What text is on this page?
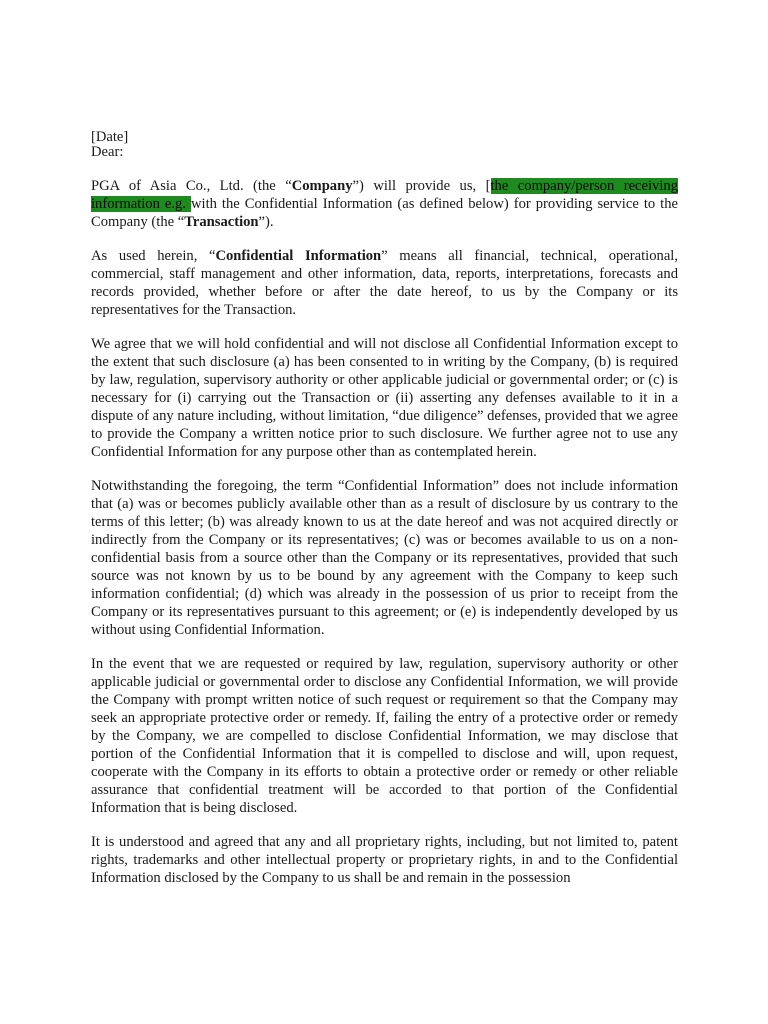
[Date]

Dear:

PGA of Asia Co., Ltd. (the “Company”) will provide us, [the company/person receiving information e.g. with the Confidential Information (as defined below) for providing service to the Company (the “Transaction”).

As used herein, “Confidential Information” means all financial, technical, operational, commercial, staff management and other information, data, reports, interpretations, forecasts and records provided, whether before or after the date hereof, to us by the Company or its representatives for the Transaction.

We agree that we will hold confidential and will not disclose all Confidential Information except to the extent that such disclosure (a) has been consented to in writing by the Company, (b) is required by law, regulation, supervisory authority or other applicable judicial or governmental order; or (c) is necessary for (i) carrying out the Transaction or (ii) asserting any defenses available to it in a dispute of any nature including, without limitation, “due diligence” defenses, provided that we agree to provide the Company a written notice prior to such disclosure. We further agree not to use any Confidential Information for any purpose other than as contemplated herein.

Notwithstanding the foregoing, the term “Confidential Information” does not include information that (a) was or becomes publicly available other than as a result of disclosure by us contrary to the terms of this letter; (b) was already known to us at the date hereof and was not acquired directly or indirectly from the Company or its representatives; (c) was or becomes available to us on a non-confidential basis from a source other than the Company or its representatives, provided that such source was not known by us to be bound by any agreement with the Company to keep such information confidential; (d) which was already in the possession of us prior to receipt from the Company or its representatives pursuant to this agreement; or (e) is independently developed by us without using Confidential Information.

In the event that we are requested or required by law, regulation, supervisory authority or other applicable judicial or governmental order to disclose any Confidential Information, we will provide the Company with prompt written notice of such request or requirement so that the Company may seek an appropriate protective order or remedy. If, failing the entry of a protective order or remedy by the Company, we are compelled to disclose Confidential Information, we may disclose that portion of the Confidential Information that it is compelled to disclose and will, upon request, cooperate with the Company in its efforts to obtain a protective order or remedy or other reliable assurance that confidential treatment will be accorded to that portion of the Confidential Information that is being disclosed.

It is understood and agreed that any and all proprietary rights, including, but not limited to, patent rights, trademarks and other intellectual property or proprietary rights, in and to the Confidential Information disclosed by the Company to us shall be and remain in the possession
